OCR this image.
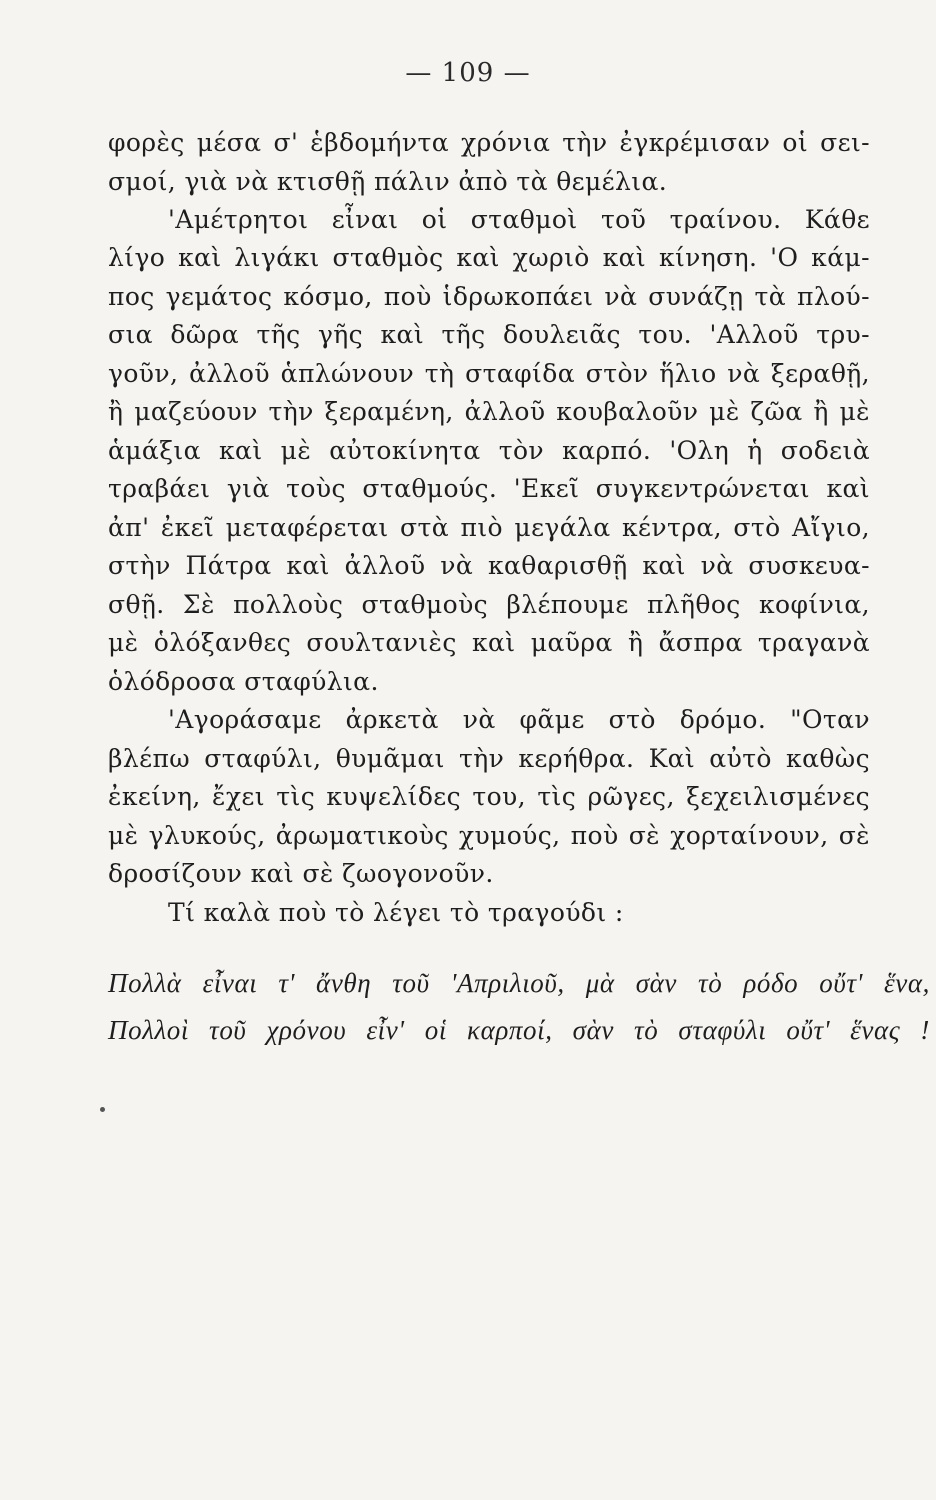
— 109 —
φορὲς μέσα σ' ἑβδομήντα χρόνια τὴν ἐγκρέμισαν οἱ σει-
σμοί, γιὰ νὰ κτισθῇ πάλιν ἀπὸ τὰ θεμέλια.
'Αμέτρητοι εἶναι οἱ σταθμοὶ τοῦ τραίνου. Κάθε
λίγο καὶ λιγάκι σταθμὸς καὶ χωριὸ καὶ κίνηση. 'Ο κάμ-
πος γεμάτος κόσμο, ποὺ ἱδρωκοπάει νὰ συνάζῃ τὰ πλού-
σια δῶρα τῆς γῆς καὶ τῆς δουλειᾶς του. 'Αλλοῦ τρυ-
γοῦν, ἀλλοῦ ἁπλώνουν τὴ σταφίδα στὸν ἥλιο νὰ ξεραθῇ,
ἢ μαζεύουν τὴν ξεραμένη, ἀλλοῦ κουβαλοῦν μὲ ζῶα ἢ μὲ
ἁμάξια καὶ μὲ αὐτοκίνητα τὸν καρπό. 'Ολη ἡ σοδειὰ
τραβάει γιὰ τοὺς σταθμούς. 'Εκεῖ συγκεντρώνεται καὶ
ἀπ' ἐκεῖ μεταφέρεται στὰ πιὸ μεγάλα κέντρα, στὸ Αἴγιο,
στὴν Πάτρα καὶ ἀλλοῦ νὰ καθαρισθῇ καὶ νὰ συσκευα-
σθῇ. Σὲ πολλοὺς σταθμοὺς βλέπουμε πλῆθος κοφίνια,
μὲ ὁλόξανθες σουλτανιὲς καὶ μαῦρα ἢ ἄσπρα τραγανὰ
ὁλόδροσα σταφύλια.
'Αγοράσαμε ἀρκετὰ νὰ φᾶμε στὸ δρόμο. "Οταν
βλέπω σταφύλι, θυμᾶμαι τὴν κερήθρα. Καὶ αὐτὸ καθὼς
ἐκείνη, ἔχει τὶς κυψελίδες του, τὶς ρῶγες, ξεχειλισμένες
μὲ γλυκούς, ἀρωματικοὺς χυμούς, ποὺ σὲ χορταίνουν, σὲ
δροσίζουν καὶ σὲ ζωογονοῦν.
Τί καλὰ ποὺ τὸ λέγει τὸ τραγούδι :
Πολλὰ εἶναι τ' ἄνθη τοῦ 'Απριλιοῦ, μὰ σὰν τὸ ρόδο οὔτ' ἕνα,
Πολλοὶ τοῦ χρόνου εἶν' οἱ καρποί, σὰν τὸ σταφύλι οὔτ' ἕνας !
